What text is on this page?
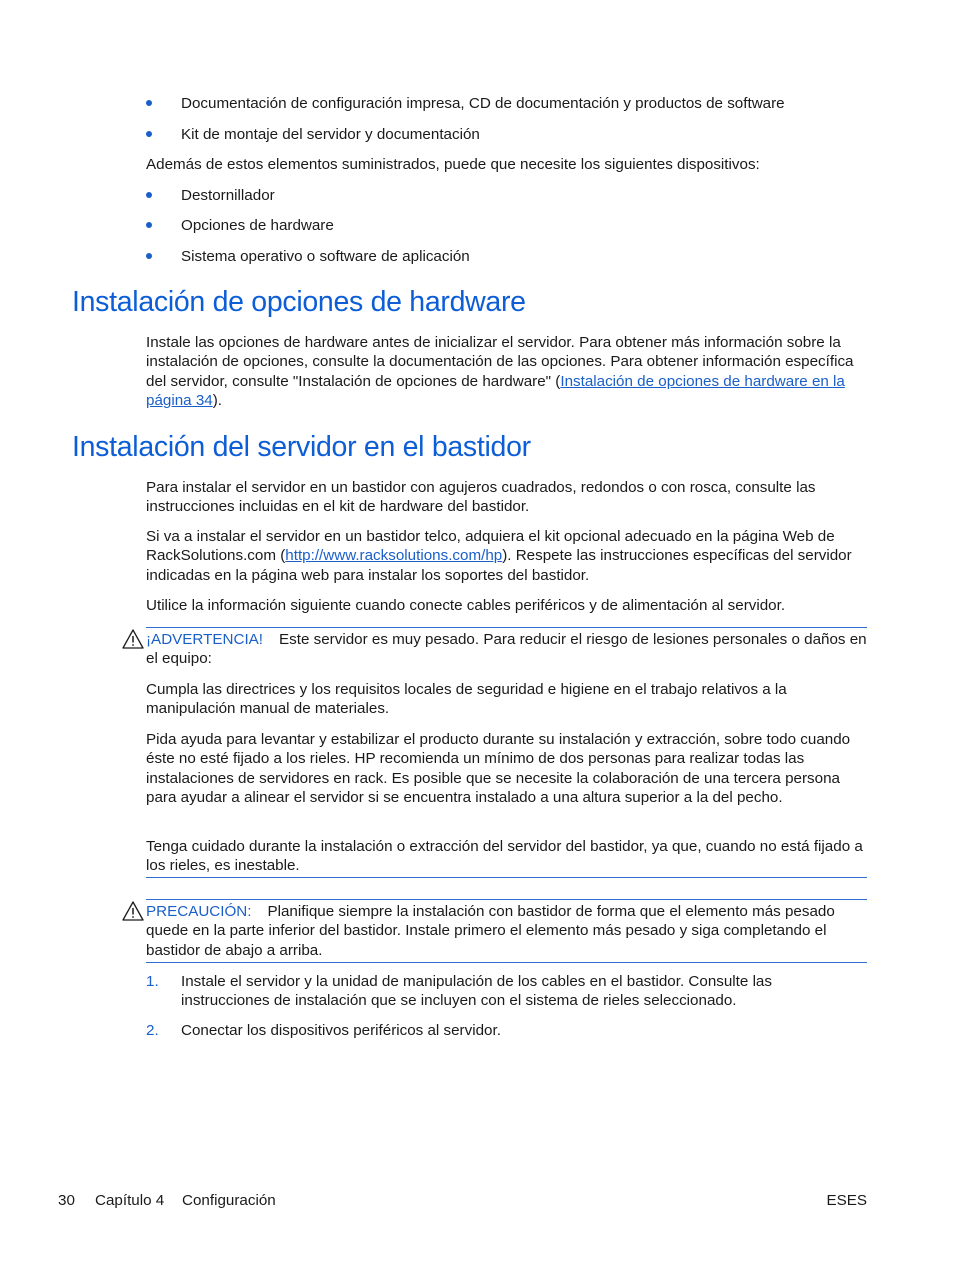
Documentación de configuración impresa, CD de documentación y productos de software
Kit de montaje del servidor y documentación
Además de estos elementos suministrados, puede que necesite los siguientes dispositivos:
Destornillador
Opciones de hardware
Sistema operativo o software de aplicación
Instalación de opciones de hardware
Instale las opciones de hardware antes de inicializar el servidor. Para obtener más información sobre la instalación de opciones, consulte la documentación de las opciones. Para obtener información específica del servidor, consulte "Instalación de opciones de hardware" (Instalación de opciones de hardware en la página 34).
Instalación del servidor en el bastidor
Para instalar el servidor en un bastidor con agujeros cuadrados, redondos o con rosca, consulte las instrucciones incluidas en el kit de hardware del bastidor.
Si va a instalar el servidor en un bastidor telco, adquiera el kit opcional adecuado en la página Web de RackSolutions.com (http://www.racksolutions.com/hp). Respete las instrucciones específicas del servidor indicadas en la página web para instalar los soportes del bastidor.
Utilice la información siguiente cuando conecte cables periféricos y de alimentación al servidor.
¡ADVERTENCIA! Este servidor es muy pesado. Para reducir el riesgo de lesiones personales o daños en el equipo:
Cumpla las directrices y los requisitos locales de seguridad e higiene en el trabajo relativos a la manipulación manual de materiales.
Pida ayuda para levantar y estabilizar el producto durante su instalación y extracción, sobre todo cuando éste no esté fijado a los rieles. HP recomienda un mínimo de dos personas para realizar todas las instalaciones de servidores en rack. Es posible que se necesite la colaboración de una tercera persona para ayudar a alinear el servidor si se encuentra instalado a una altura superior a la del pecho.
Tenga cuidado durante la instalación o extracción del servidor del bastidor, ya que, cuando no está fijado a los rieles, es inestable.
PRECAUCIÓN: Planifique siempre la instalación con bastidor de forma que el elemento más pesado quede en la parte inferior del bastidor. Instale primero el elemento más pesado y siga completando el bastidor de abajo a arriba.
1. Instale el servidor y la unidad de manipulación de los cables en el bastidor. Consulte las instrucciones de instalación que se incluyen con el sistema de rieles seleccionado.
2. Conectar los dispositivos periféricos al servidor.
30 Capítulo 4 Configuración	ESES
